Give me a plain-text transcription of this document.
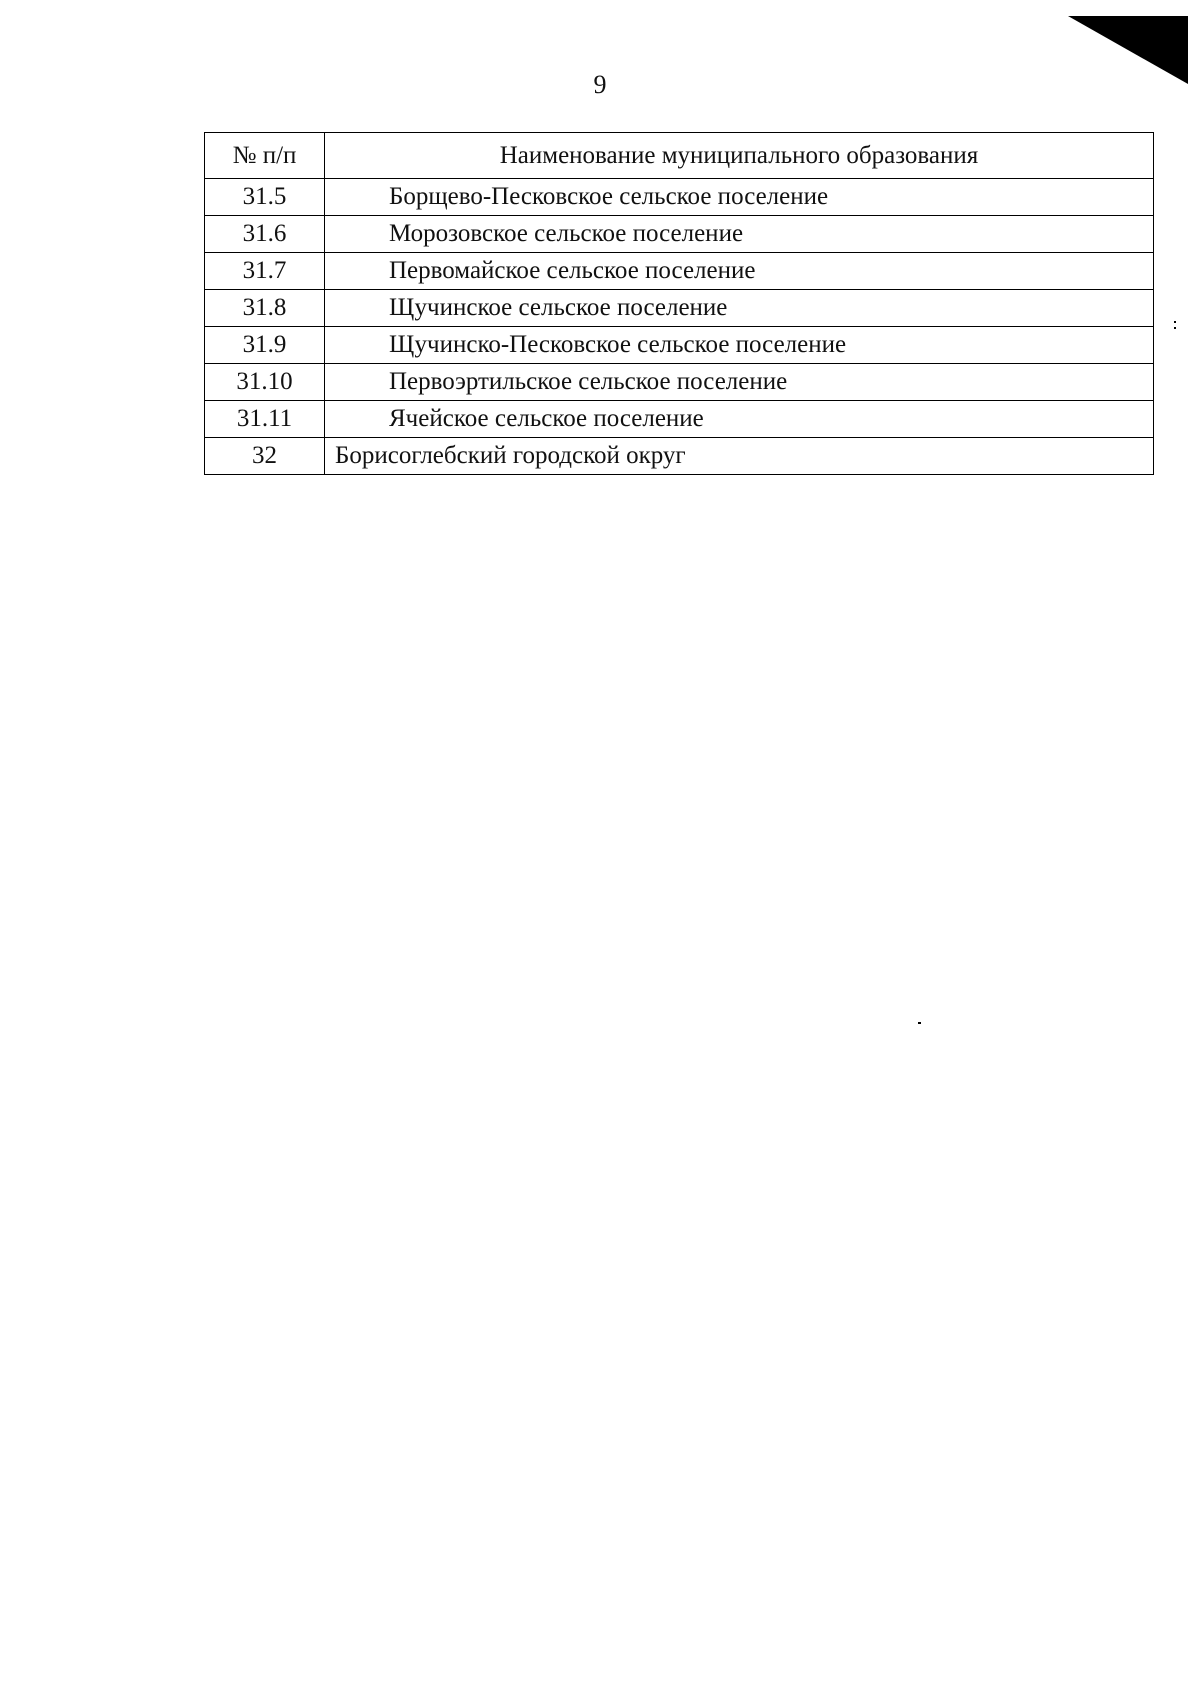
9
№ п/п	Наименование муниципального образования
31.5	Борщево-Песковское сельское поселение
31.6	Морозовское сельское поселение
31.7	Первомайское сельское поселение
31.8	Щучинское сельское поселение
31.9	Щучинско-Песковское сельское поселение
31.10	Первоэртильское сельское поселение
31.11	Ячейское сельское поселение
32	Борисоглебский городской округ
